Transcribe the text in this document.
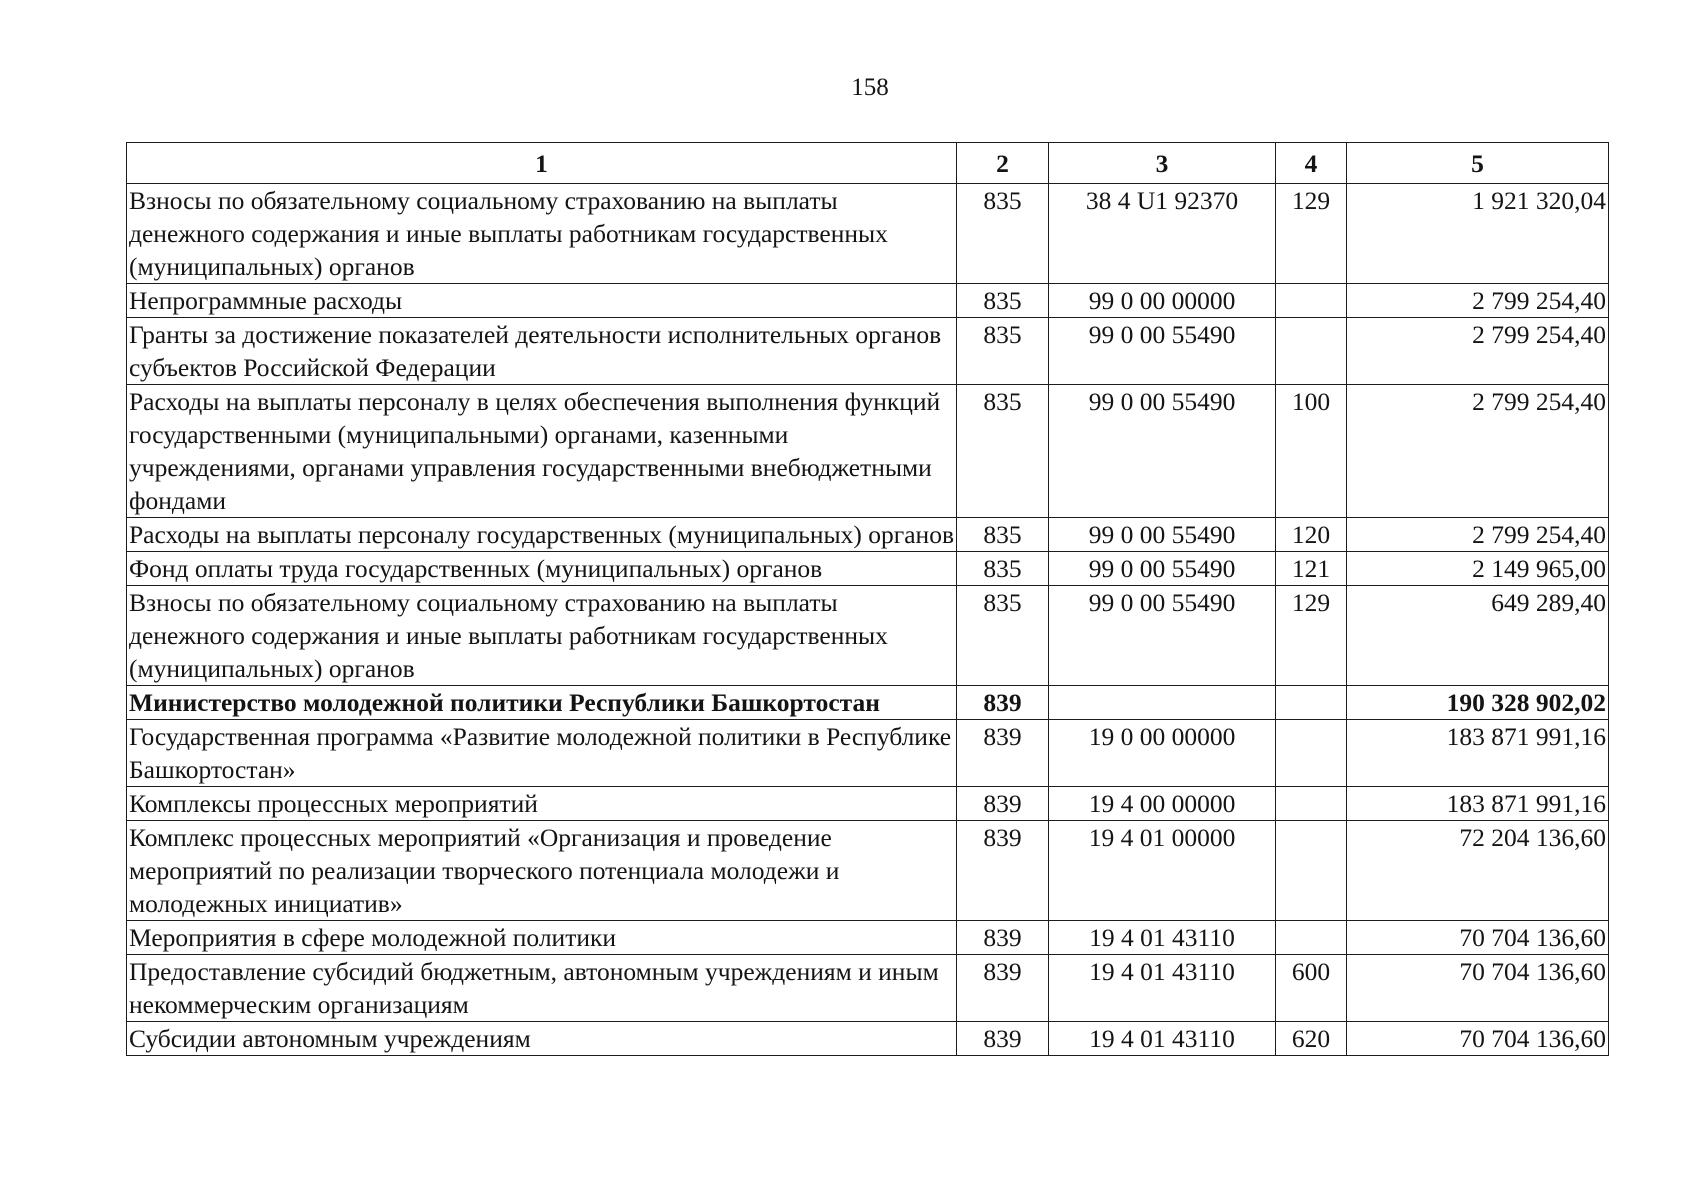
158
1	2	3	4	5
Взносы по обязательному социальному страхованию на выплаты денежного содержания и иные выплаты работникам государственных (муниципальных) органов	835	38 4 U1 92370	129	1 921 320,04
Непрограммные расходы	835	99 0 00 00000		2 799 254,40
Гранты за достижение показателей деятельности исполнительных органов субъектов Российской Федерации	835	99 0 00 55490		2 799 254,40
Расходы на выплаты персоналу в целях обеспечения выполнения функций государственными (муниципальными) органами, казенными учреждениями, органами управления государственными внебюджетными фондами	835	99 0 00 55490	100	2 799 254,40
Расходы на выплаты персоналу государственных (муниципальных) органов	835	99 0 00 55490	120	2 799 254,40
Фонд оплаты труда государственных (муниципальных) органов	835	99 0 00 55490	121	2 149 965,00
Взносы по обязательному социальному страхованию на выплаты денежного содержания и иные выплаты работникам государственных (муниципальных) органов	835	99 0 00 55490	129	649 289,40
Министерство молодежной политики Республики Башкортостан	839			190 328 902,02
Государственная программа «Развитие молодежной политики в Республике Башкортостан»	839	19 0 00 00000		183 871 991,16
Комплексы процессных мероприятий	839	19 4 00 00000		183 871 991,16
Комплекс процессных мероприятий «Организация и проведение мероприятий по реализации творческого потенциала молодежи и молодежных инициатив»	839	19 4 01 00000		72 204 136,60
Мероприятия в сфере молодежной политики	839	19 4 01 43110		70 704 136,60
Предоставление субсидий бюджетным, автономным учреждениям и иным некоммерческим организациям	839	19 4 01 43110	600	70 704 136,60
Субсидии автономным учреждениям	839	19 4 01 43110	620	70 704 136,60
